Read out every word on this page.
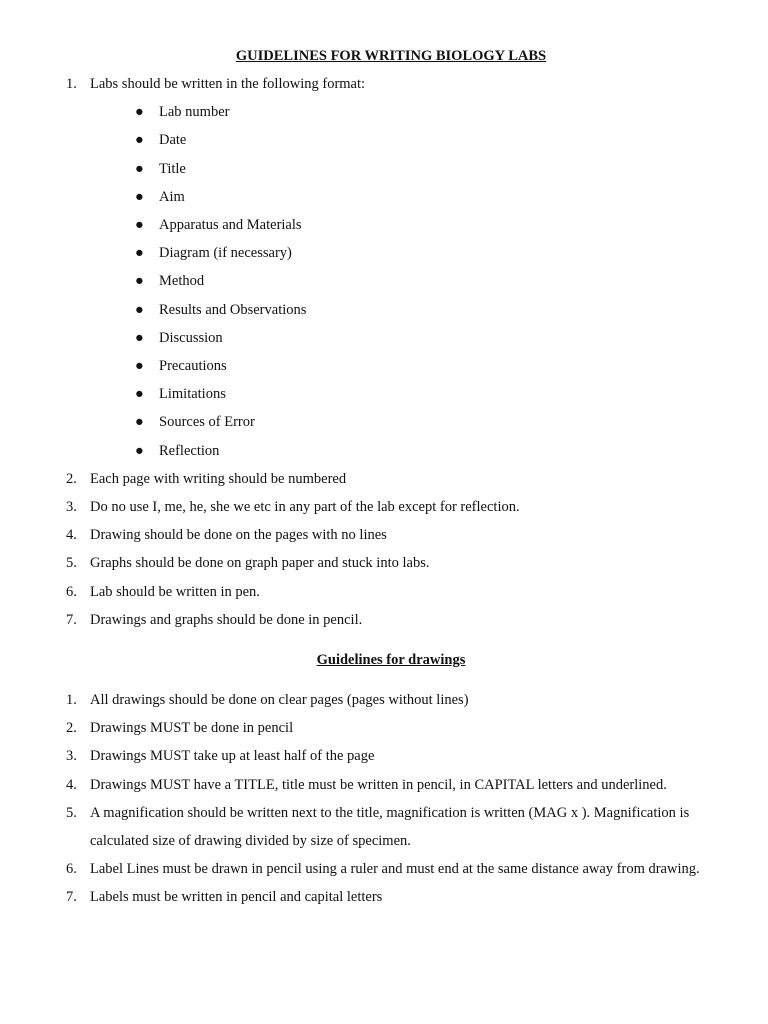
GUIDELINES FOR WRITING BIOLOGY LABS
1. Labs should be written in the following format:
● Lab number
● Date
● Title
● Aim
● Apparatus and Materials
● Diagram (if necessary)
● Method
● Results and Observations
● Discussion
● Precautions
● Limitations
● Sources of Error
● Reflection
2. Each page with writing should be numbered
3. Do no use I, me, he, she we etc in any part of the lab except for reflection.
4. Drawing should be done on the pages with no lines
5. Graphs should be done on graph paper and stuck into labs.
6. Lab should be written in pen.
7. Drawings and graphs should be done in pencil.
Guidelines for drawings
1. All drawings should be done on clear pages (pages without lines)
2. Drawings MUST be done in pencil
3. Drawings MUST take up at least half of the page
4. Drawings MUST have a TITLE, title must be written in pencil, in CAPITAL letters and underlined.
5. A magnification should be written next to the title, magnification is written (MAG x ). Magnification is calculated size of drawing divided by size of specimen.
6. Label Lines must be drawn in pencil using a ruler and must end at the same distance away from drawing.
7. Labels must be written in pencil and capital letters
